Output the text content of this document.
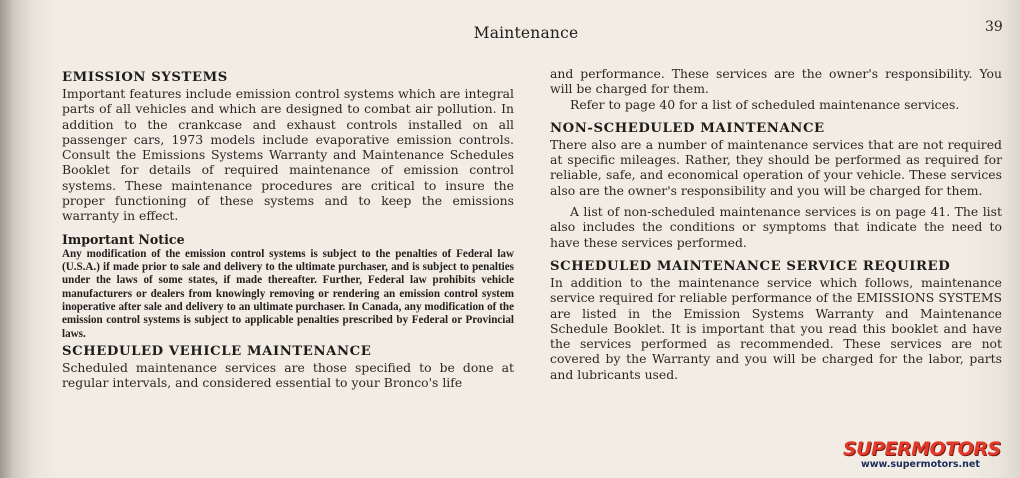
Maintenance	39
EMISSION SYSTEMS

Important features include emission control systems which are integral parts of all vehicles and which are designed to combat air pollution. In addition to the crankcase and exhaust controls installed on all passenger cars, 1973 models include evaporative emission controls. Consult the Emissions Systems Warranty and Maintenance Schedules Booklet for details of required maintenance of emission control systems. These maintenance procedures are critical to insure the proper functioning of these systems and to keep the emissions warranty in effect.

Important Notice

Any modification of the emission control systems is subject to the penalties of Federal law (U.S.A.) if made prior to sale and delivery to the ultimate purchaser, and is subject to penalties under the laws of some states, if made thereafter. Further, Federal law prohibits vehicle manufacturers or dealers from knowingly removing or rendering an emission control system inoperative after sale and delivery to an ultimate purchaser. In Canada, any modification of the emission control systems is subject to applicable penalties prescribed by Federal or Provincial laws.

SCHEDULED VEHICLE MAINTENANCE

Scheduled maintenance services are those specified to be done at regular intervals, and considered essential to your Bronco's life

and performance. These services are the owner's responsibility. You will be charged for them.

Refer to page 40 for a list of scheduled maintenance services.

NON-SCHEDULED MAINTENANCE

There also are a number of maintenance services that are not required at specific mileages. Rather, they should be performed as required for reliable, safe, and economical operation of your vehicle. These services also are the owner's responsibility and you will be charged for them.

A list of non-scheduled maintenance services is on page 41. The list also includes the conditions or symptoms that indicate the need to have these services performed.

SCHEDULED MAINTENANCE SERVICE REQUIRED

In addition to the maintenance service which follows, maintenance service required for reliable performance of the EMISSIONS SYSTEMS are listed in the Emission Systems Warranty and Maintenance Schedule Booklet. It is important that you read this booklet and have the services performed as recommended. These services are not covered by the Warranty and you will be charged for the labor, parts and lubricants used.

SUPERMOTORS
www.supermotors.net
